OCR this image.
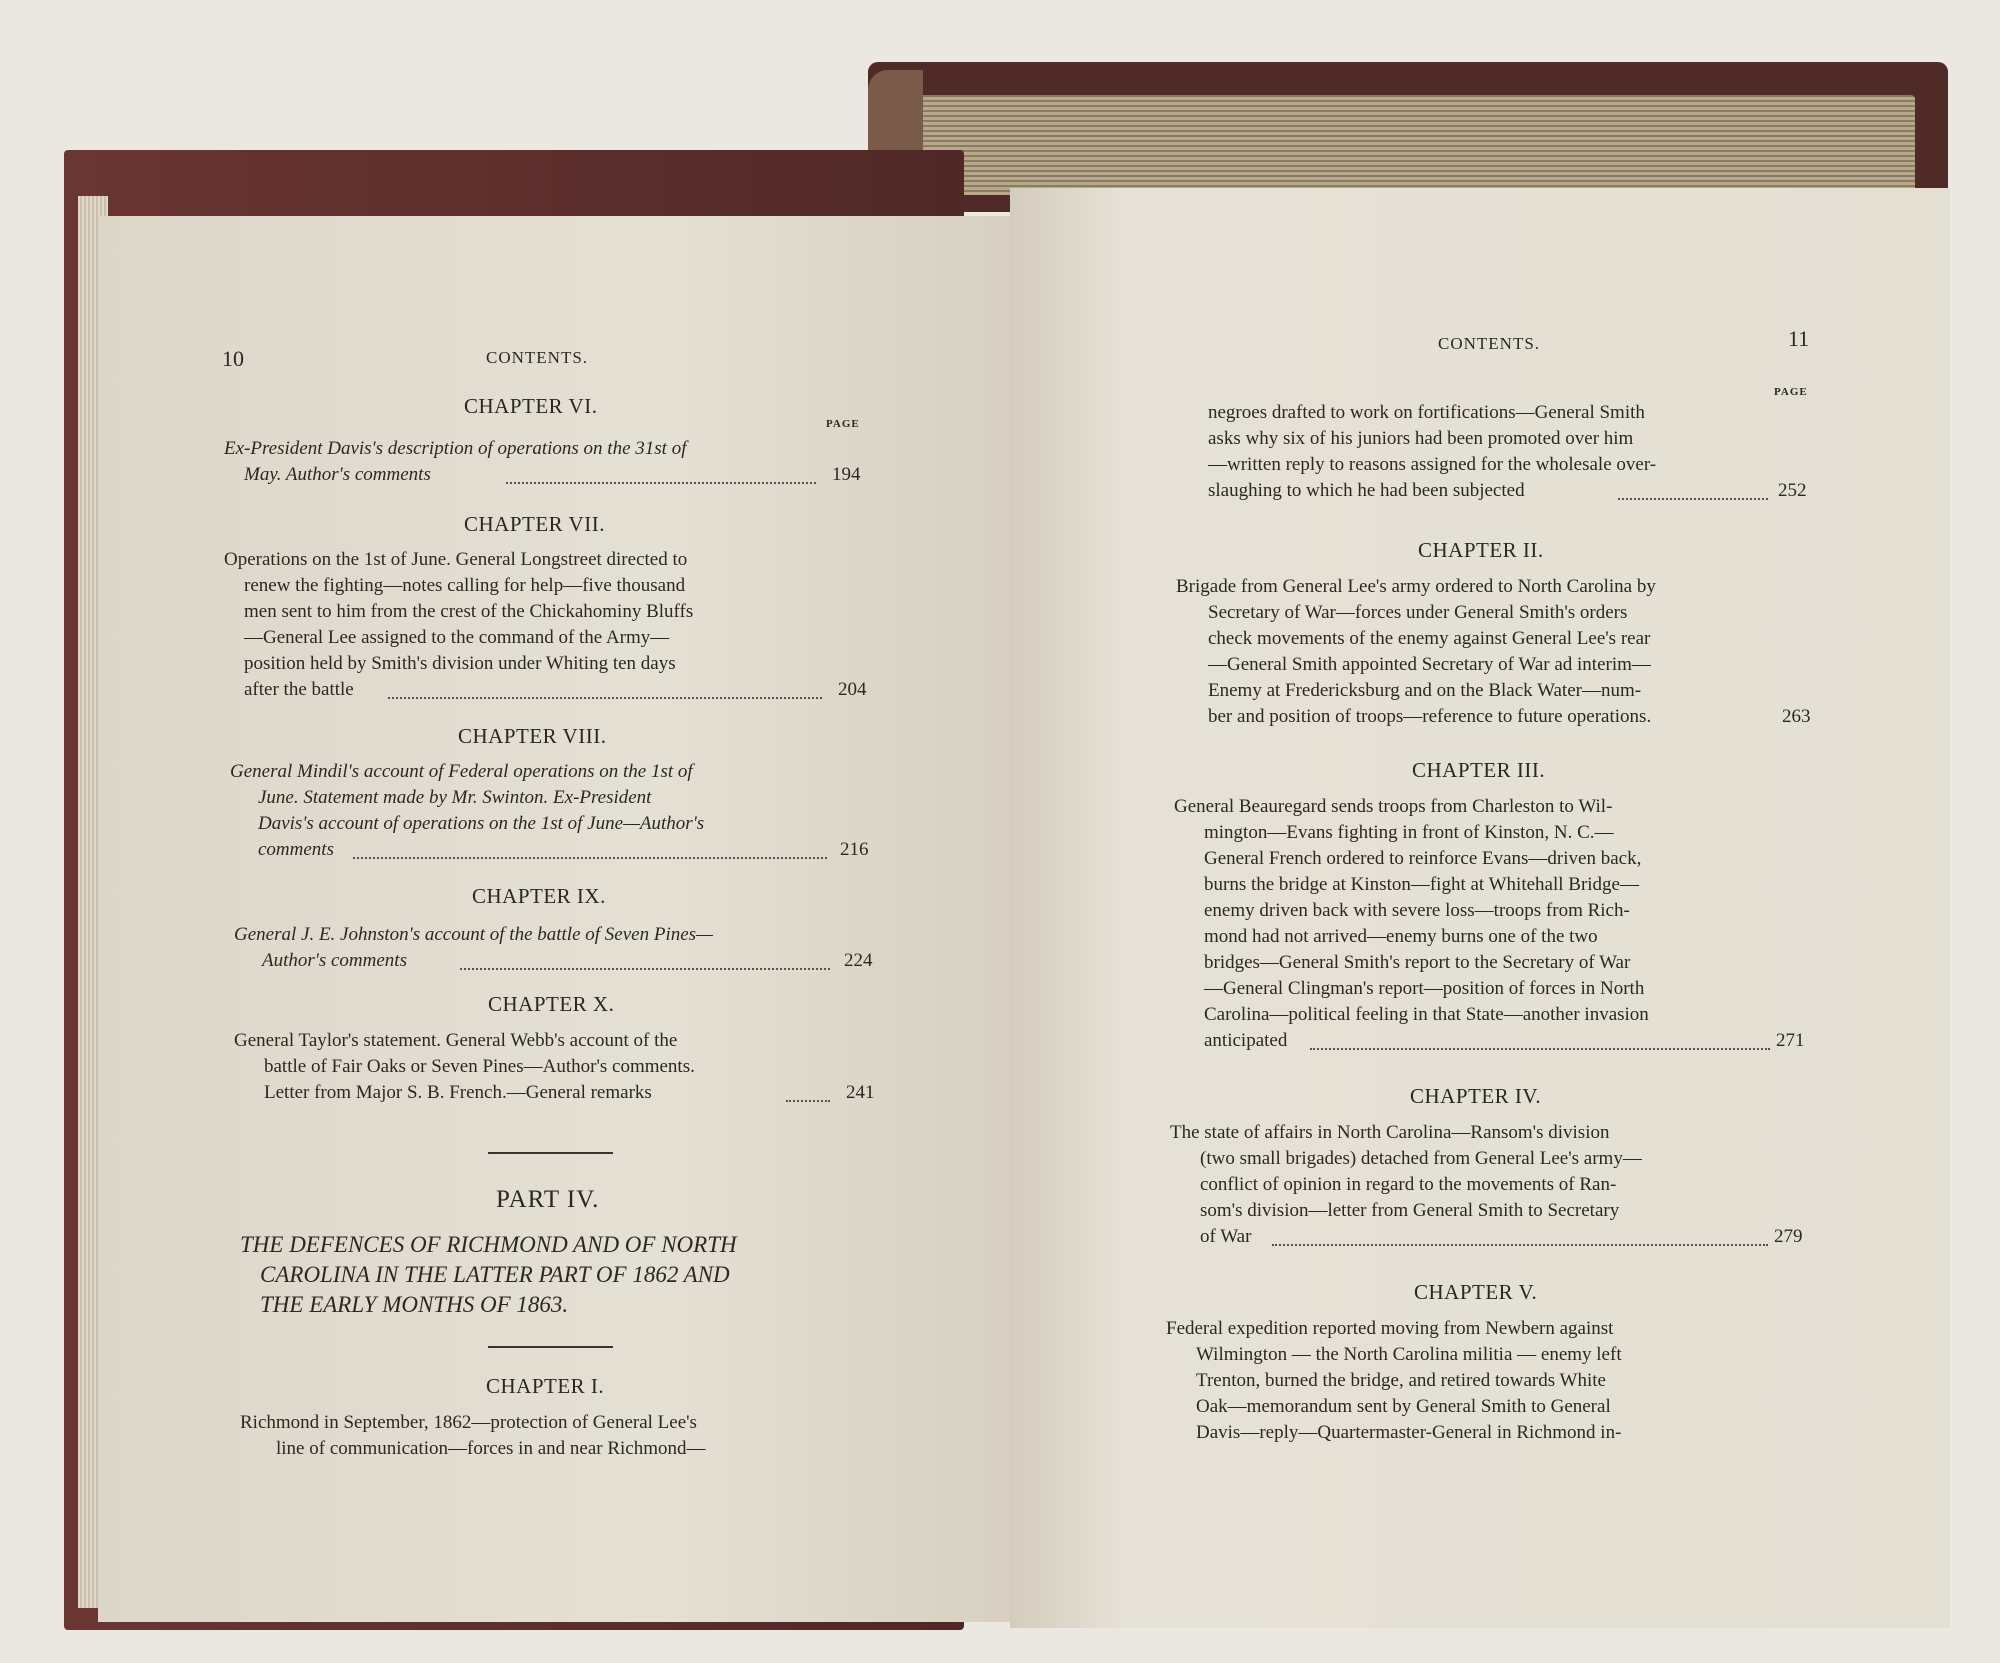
10	CONTENTS.
CHAPTER VI.
PAGE
Ex-President Davis's description of operations on the 31st of
May. Author's comments	194
CHAPTER VII.
Operations on the 1st of June. General Longstreet directed to
renew the fighting—notes calling for help—five thousand
men sent to him from the crest of the Chickahominy Bluffs
—General Lee assigned to the command of the Army—
position held by Smith's division under Whiting ten days
after the battle	204
CHAPTER VIII.
General Mindil's account of Federal operations on the 1st of
June. Statement made by Mr. Swinton. Ex-President
Davis's account of operations on the 1st of June—Author's
comments	216
CHAPTER IX.
General J. E. Johnston's account of the battle of Seven Pines—
Author's comments	224
CHAPTER X.
General Taylor's statement. General Webb's account of the
battle of Fair Oaks or Seven Pines—Author's comments.
Letter from Major S. B. French.—General remarks	241
PART IV.
THE DEFENCES OF RICHMOND AND OF NORTH
CAROLINA IN THE LATTER PART OF 1862 AND
THE EARLY MONTHS OF 1863.
CHAPTER I.
Richmond in September, 1862—protection of General Lee's
line of communication—forces in and near Richmond—
CONTENTS.	11
PAGE
negroes drafted to work on fortifications—General Smith
asks why six of his juniors had been promoted over him
—written reply to reasons assigned for the wholesale over-
slaughing to which he had been subjected	252
CHAPTER II.
Brigade from General Lee's army ordered to North Carolina by
Secretary of War—forces under General Smith's orders
check movements of the enemy against General Lee's rear
—General Smith appointed Secretary of War ad interim—
Enemy at Fredericksburg and on the Black Water—num-
ber and position of troops—reference to future operations.	263
CHAPTER III.
General Beauregard sends troops from Charleston to Wil-
mington—Evans fighting in front of Kinston, N. C.—
General French ordered to reinforce Evans—driven back,
burns the bridge at Kinston—fight at Whitehall Bridge—
enemy driven back with severe loss—troops from Rich-
mond had not arrived—enemy burns one of the two
bridges—General Smith's report to the Secretary of War
—General Clingman's report—position of forces in North
Carolina—political feeling in that State—another invasion
anticipated	271
CHAPTER IV.
The state of affairs in North Carolina—Ransom's division
(two small brigades) detached from General Lee's army—
conflict of opinion in regard to the movements of Ran-
som's division—letter from General Smith to Secretary
of War	279
CHAPTER V.
Federal expedition reported moving from Newbern against
Wilmington — the North Carolina militia — enemy left
Trenton, burned the bridge, and retired towards White
Oak—memorandum sent by General Smith to General
Davis—reply—Quartermaster-General in Richmond in-
